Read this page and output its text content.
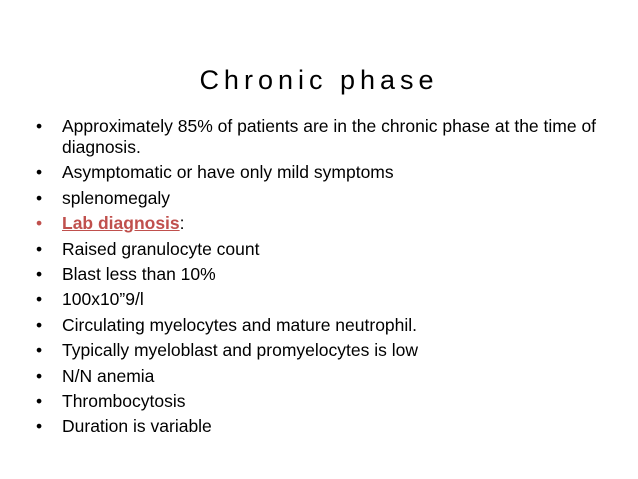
Chronic phase
•	Approximately 85% of patients are in the chronic phase at the time of diagnosis.
•	Asymptomatic or have only mild symptoms
•	splenomegaly
•	Lab diagnosis:
•	Raised granulocyte count
•	Blast less than 10%
•	100x10”9/l
•	Circulating myelocytes and mature neutrophil.
•	Typically myeloblast and promyelocytes is low
•	N/N anemia
•	Thrombocytosis
•	Duration is variable
